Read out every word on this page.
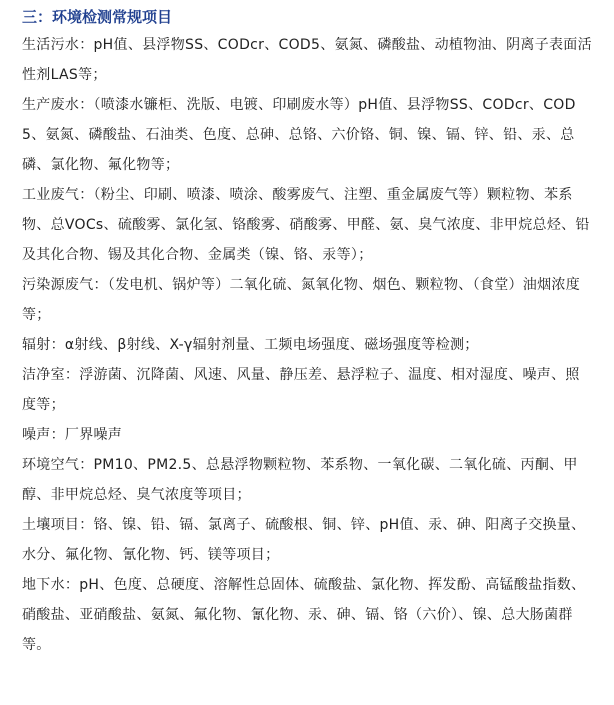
三：环境检测常规项目

生活污水：pH值、县浮物SS、CODcr、COD5、氨氮、磷酸盐、动植物油、阴离子表面活性剂LAS等；

生产废水：（喷漆水镰柜、洗版、电镀、印刷废水等）pH值、县浮物SS、CODcr、COD5、氨氮、磷酸盐、石油类、色度、总砷、总铬、六价铬、铜、镍、镉、锌、铅、汞、总磷、氯化物、氟化物等；

工业废气：（粉尘、印刷、喷漆、喷涂、酸雾废气、注塑、重金属废气等）颗粒物、苯系物、总VOCs、硫酸雾、氯化氢、铬酸雾、硝酸雾、甲醛、氨、臭气浓度、非甲烷总烃、铅及其化合物、锡及其化合物、金属类（镍、铬、汞等）；

污染源废气：（发电机、锅炉等）二氧化硫、氮氧化物、烟色、颗粒物、（食堂）油烟浓度等；

辐射：α射线、β射线、X-γ辐射剂量、工频电场强度、磁场强度等检测；

洁净室：浮游菌、沉降菌、风速、风量、静压差、悬浮粒子、温度、相对湿度、噪声、照度等；

噪声：厂界噪声

环境空气：PM10、PM2.5、总悬浮物颗粒物、苯系物、一氧化碳、二氧化硫、丙酮、甲醇、非甲烷总烃、臭气浓度等项目；

土壤项目：铬、镍、铅、镉、氯离子、硫酸根、铜、锌、pH值、汞、砷、阳离子交换量、水分、氟化物、氰化物、钙、镁等项目；

地下水：pH、色度、总硬度、溶解性总固体、硫酸盐、氯化物、挥发酚、高锰酸盐指数、硝酸盐、亚硝酸盐、氨氮、氟化物、氰化物、汞、砷、镉、铬（六价）、镍、总大肠菌群等。
